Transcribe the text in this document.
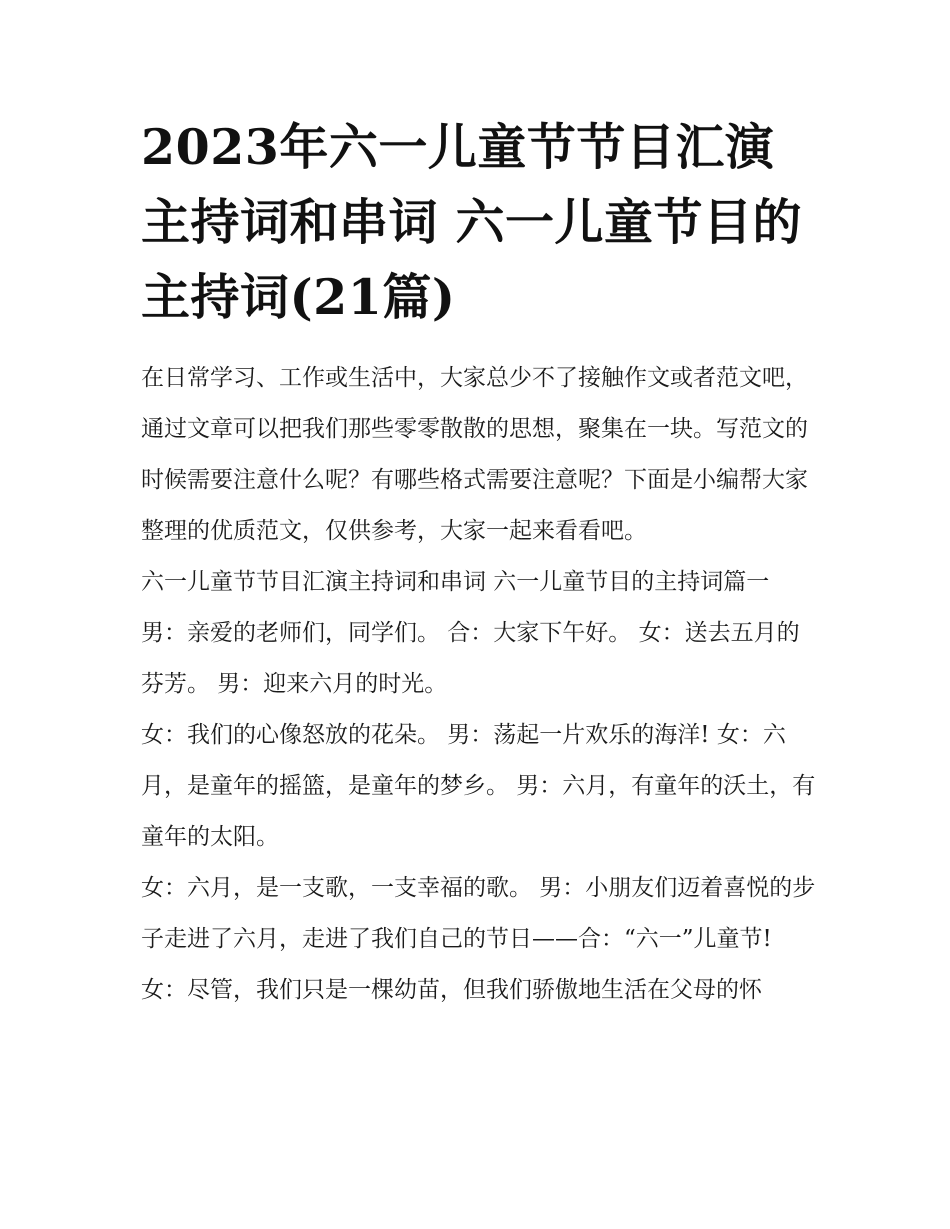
2023年六一儿童节节目汇演主持词和串词 六一儿童节目的主持词(21篇)

在日常学习、工作或生活中，大家总少不了接触作文或者范文吧，通过文章可以把我们那些零零散散的思想，聚集在一块。写范文的时候需要注意什么呢？有哪些格式需要注意呢？下面是小编帮大家整理的优质范文，仅供参考，大家一起来看看吧。

六一儿童节节目汇演主持词和串词 六一儿童节目的主持词篇一 男：亲爱的老师们，同学们。 合：大家下午好。 女：送去五月的芬芳。 男：迎来六月的时光。

女：我们的心像怒放的花朵。 男：荡起一片欢乐的海洋! 女：六月，是童年的摇篮，是童年的梦乡。 男：六月，有童年的沃土，有童年的太阳。

女：六月，是一支歌，一支幸福的歌。 男：小朋友们迈着喜悦的步子走进了六月，走进了我们自己的节日——合：“六一”儿童节!

女：尽管，我们只是一棵幼苗，但我们骄傲地生活在父母的怀
